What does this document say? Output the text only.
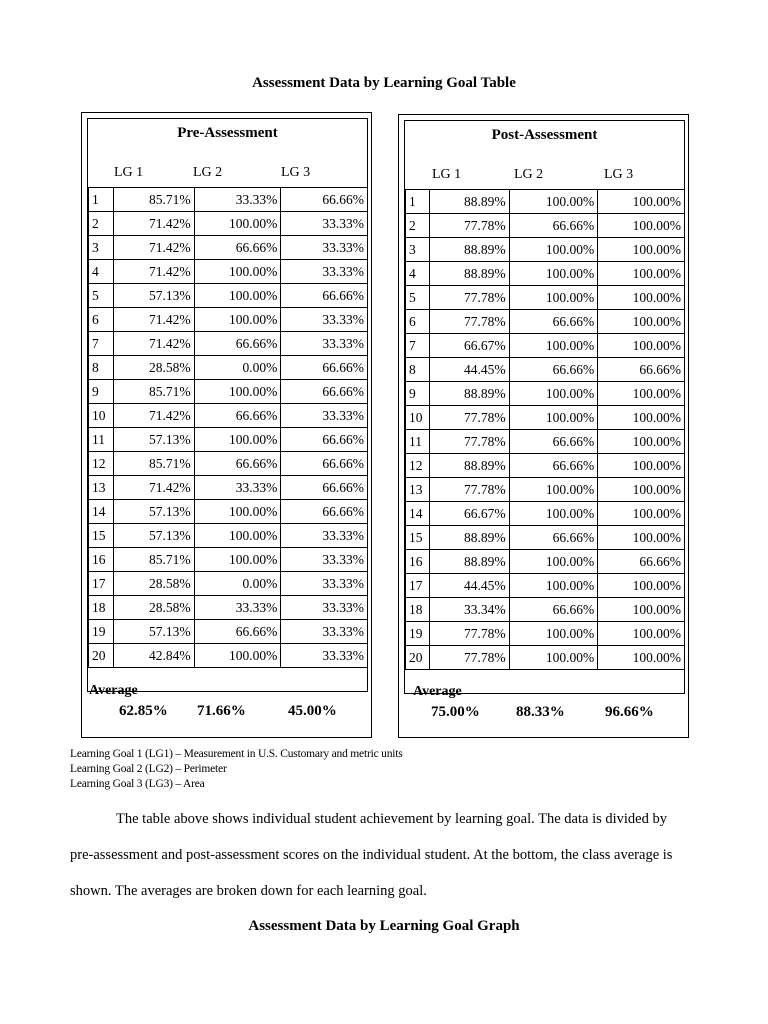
Assessment Data by Learning Goal Table
Pre-Assessment
LG 1	LG 2	LG 3
1	85.71%	33.33%	66.66%
2	71.42%	100.00%	33.33%
3	71.42%	66.66%	33.33%
4	71.42%	100.00%	33.33%
5	57.13%	100.00%	66.66%
6	71.42%	100.00%	33.33%
7	71.42%	66.66%	33.33%
8	28.58%	0.00%	66.66%
9	85.71%	100.00%	66.66%
10	71.42%	66.66%	33.33%
11	57.13%	100.00%	66.66%
12	85.71%	66.66%	66.66%
13	71.42%	33.33%	66.66%
14	57.13%	100.00%	66.66%
15	57.13%	100.00%	33.33%
16	85.71%	100.00%	33.33%
17	28.58%	0.00%	33.33%
18	28.58%	33.33%	33.33%
19	57.13%	66.66%	33.33%
20	42.84%	100.00%	33.33%
Average
62.85% 71.66%	45.00%
Post-Assessment
LG 1	LG 2	LG 3
1	88.89%	100.00%	100.00%
2	77.78%	66.66%	100.00%
3	88.89%	100.00%	100.00%
4	88.89%	100.00%	100.00%
5	77.78%	100.00%	100.00%
6	77.78%	66.66%	100.00%
7	66.67%	100.00%	100.00%
8	44.45%	66.66%	66.66%
9	88.89%	100.00%	100.00%
10	77.78%	100.00%	100.00%
11	77.78%	66.66%	100.00%
12	88.89%	66.66%	100.00%
13	77.78%	100.00%	100.00%
14	66.67%	100.00%	100.00%
15	88.89%	66.66%	100.00%
16	88.89%	100.00%	66.66%
17	44.45%	100.00%	100.00%
18	33.34%	66.66%	100.00%
19	77.78%	100.00%	100.00%
20	77.78%	100.00%	100.00%
Average
75.00% 88.33%	96.66%
Learning Goal 1 (LG1) – Measurement in U.S. Customary and metric units
Learning Goal 2 (LG2) – Perimeter
Learning Goal 3 (LG3) – Area
The table above shows individual student achievement by learning goal. The data is divided by
pre-assessment and post-assessment scores on the individual student. At the bottom, the class average is
shown. The averages are broken down for each learning goal.
Assessment Data by Learning Goal Graph
